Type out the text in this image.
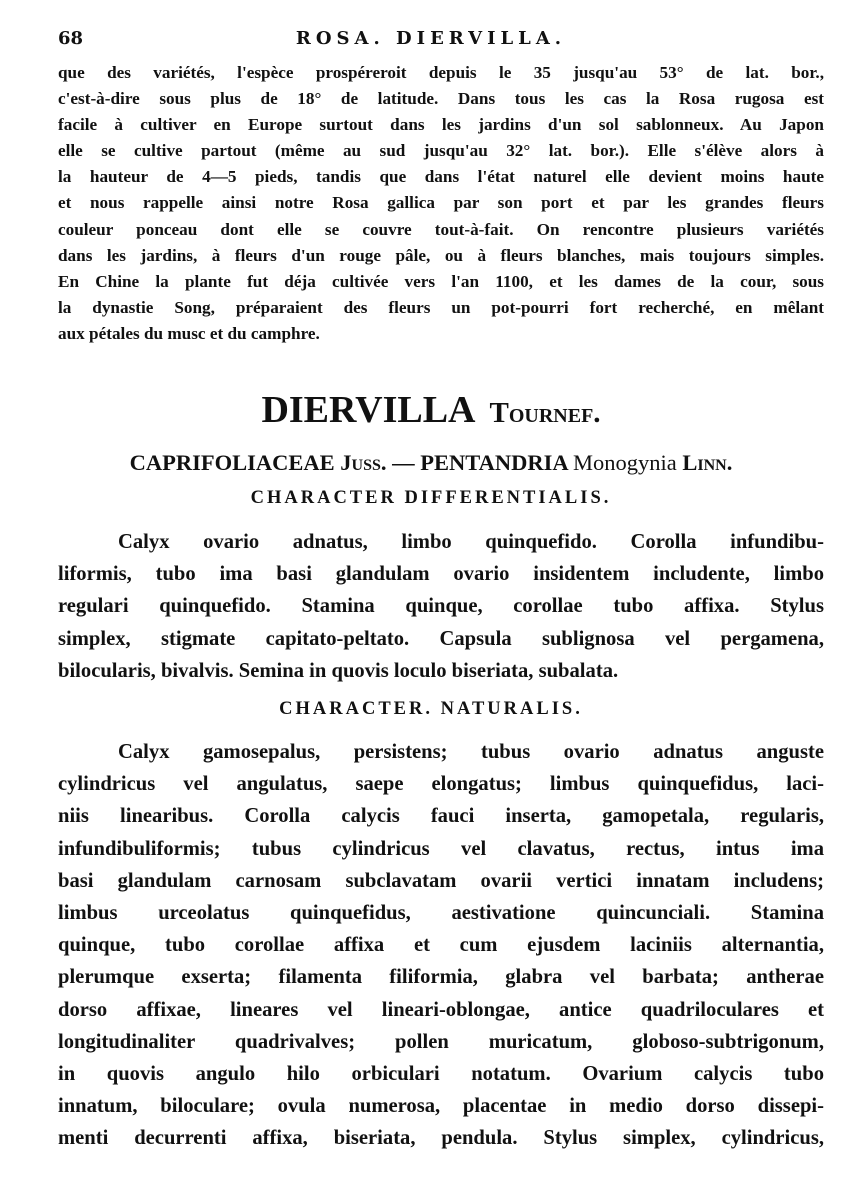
68	ROSA. DIERVILLA.
que des variétés, l'espèce prospéreroit depuis le 35 jusqu'au 53° de lat. bor.,
c'est-à-dire sous plus de 18° de latitude. Dans tous les cas la Rosa rugosa est
facile à cultiver en Europe surtout dans les jardins d'un sol sablonneux. Au Japon
elle se cultive partout (même au sud jusqu'au 32° lat. bor.). Elle s'élève alors à
la hauteur de 4—5 pieds, tandis que dans l'état naturel elle devient moins haute
et nous rappelle ainsi notre Rosa gallica par son port et par les grandes fleurs
couleur ponceau dont elle se couvre tout-à-fait. On rencontre plusieurs variétés
dans les jardins, à fleurs d'un rouge pâle, ou à fleurs blanches, mais toujours simples.
En Chine la plante fut déja cultivée vers l'an 1100, et les dames de la cour, sous
la dynastie Song, préparaient des fleurs un pot-pourri fort recherché, en mêlant
aux pétales du musc et du camphre.
DIERVILLA Tournef.
CAPRIFOLIACEAE Juss. — PENTANDRIA Monogynia Linn.
CHARACTER DIFFERENTIALIS.
Calyx ovario adnatus, limbo quinquefido. Corolla infundibu-
liformis, tubo ima basi glandulam ovario insidentem includente, limbo
regulari quinquefido. Stamina quinque, corollae tubo affixa. Stylus
simplex, stigmate capitato-peltato. Capsula sublignosa vel pergamena,
bilocularis, bivalvis. Semina in quovis loculo biseriata, subalata.
CHARACTER. NATURALIS.
Calyx gamosepalus, persistens; tubus ovario adnatus anguste
cylindricus vel angulatus, saepe elongatus; limbus quinquefidus, laci-
niis linearibus. Corolla calycis fauci inserta, gamopetala, regularis,
infundibuliformis; tubus cylindricus vel clavatus, rectus, intus ima
basi glandulam carnosam subclavatam ovarii vertici innatam includens;
limbus urceolatus quinquefidus, aestivatione quincunciali. Stamina
quinque, tubo corollae affixa et cum ejusdem laciniis alternantia,
plerumque exserta; filamenta filiformia, glabra vel barbata; antherae
dorso affixae, lineares vel lineari-oblongae, antice quadriloculares et
longitudinaliter quadrivalves; pollen muricatum, globoso-subtrigonum,
in quovis angulo hilo orbiculari notatum. Ovarium calycis tubo
innatum, biloculare; ovula numerosa, placentae in medio dorso dissepi-
menti decurrenti affixa, biseriata, pendula. Stylus simplex, cylindricus,
